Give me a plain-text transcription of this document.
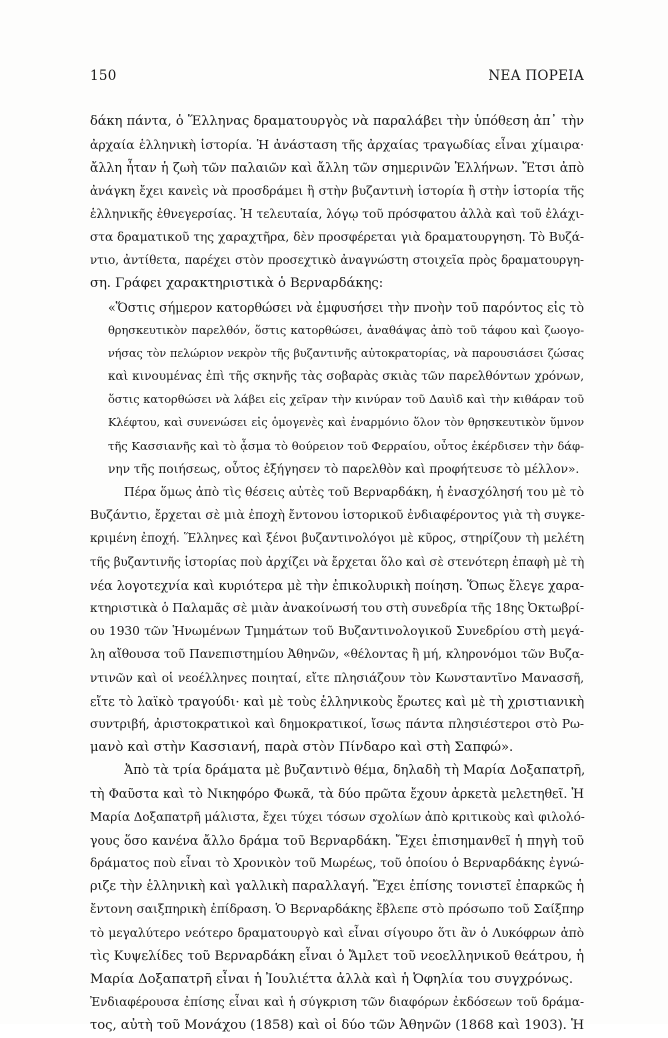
150	ΝΕΑ ΠΟΡΕΙΑ
δάκη πάντα, ὁ Ἕλληνας δραματουργὸς νὰ παραλάβει τὴν ὑπόθεση ἀπ᾽ τὴν
ἀρχαία ἑλληνικὴ ἱστορία. Ἡ ἀνάσταση τῆς ἀρχαίας τραγωδίας εἶναι χίμαιρα·
ἄλλη ἦταν ἡ ζωὴ τῶν παλαιῶν καὶ ἄλλη τῶν σημερινῶν Ἑλλήνων. Ἔτσι ἀπὸ
ἀνάγκη ἔχει κανεὶς νὰ προσδράμει ἢ στὴν βυζαντινὴ ἱστορία ἢ στὴν ἱστορία τῆς
ἑλληνικῆς ἐθνεγερσίας. Ἡ τελευταία, λόγῳ τοῦ πρόσφατου ἀλλὰ καὶ τοῦ ἐλάχι-
στα δραματικοῦ της χαραχτῆρα, δὲν προσφέρεται γιὰ δραματουργηση. Τὸ Βυζά-
ντιο, ἀντίθετα, παρέχει στὸν προσεχτικὸ ἀναγνώστη στοιχεῖα πρὸς δραματουργη-
ση. Γράφει χαρακτηριστικὰ ὁ Βερναρδάκης:
«Ὅστις σήμερον κατορθώσει νὰ ἐμφυσήσει τὴν πνοὴν τοῦ παρόντος εἰς τὸ
θρησκευτικὸν παρελθόν, ὅστις κατορθώσει, ἀναθάψας ἀπὸ τοῦ τάφου καὶ ζωογο-
νήσας τὸν πελώριον νεκρὸν τῆς βυζαντινῆς αὐτοκρατορίας, νὰ παρουσιάσει ζώσας
καὶ κινουμένας ἐπὶ τῆς σκηνῆς τὰς σοβαρὰς σκιὰς τῶν παρελθόντων χρόνων,
ὅστις κατορθώσει νὰ λάβει εἰς χεῖραν τὴν κινύραν τοῦ Δαυὶδ καὶ τὴν κιθάραν τοῦ
Κλέφτου, καὶ συνενώσει εἰς ὁμογενὲς καὶ ἐναρμόνιο ὅλον τὸν θρησκευτικὸν ὕμνον
τῆς Κασσιανῆς καὶ τὸ ᾆσμα τὸ θούρειον τοῦ Φερραίου, οὗτος ἐκέρδισεν τὴν δάφ-
νην τῆς ποιήσεως, οὗτος ἐξήγησεν τὸ παρελθὸν καὶ προφήτευσε τὸ μέλλον».
Πέρα ὅμως ἀπὸ τὶς θέσεις αὐτὲς τοῦ Βερναρδάκη, ἡ ἐνασχόλησή του μὲ τὸ
Βυζάντιο, ἔρχεται σὲ μιὰ ἐποχὴ ἔντονου ἱστορικοῦ ἐνδιαφέροντος γιὰ τὴ συγκε-
κριμένη ἐποχή. Ἕλληνες καὶ ξένοι βυζαντινολόγοι μὲ κῦρος, στηρίζουν τὴ μελέτη
τῆς βυζαντινῆς ἱστορίας ποὺ ἀρχίζει νὰ ἔρχεται ὅλο καὶ σὲ στενότερη ἐπαφὴ μὲ τὴ
νέα λογοτεχνία καὶ κυριότερα μὲ τὴν ἐπικολυρικὴ ποίηση. Ὅπως ἔλεγε χαρα-
κτηριστικὰ ὁ Παλαμᾶς σὲ μιὰν ἀνακοίνωσή του στὴ συνεδρία τῆς 18ης Ὀκτωβρί-
ου 1930 τῶν Ἡνωμένων Τμημάτων τοῦ Βυζαντινολογικοῦ Συνεδρίου στὴ μεγά-
λη αἴθουσα τοῦ Πανεπιστημίου Ἀθηνῶν, «θέλοντας ἢ μή, κληρονόμοι τῶν Βυζα-
ντινῶν καὶ οἱ νεοέλληνες ποιηταί, εἴτε πλησιάζουν τὸν Κωνσταντῖνο Μανασσῆ,
εἴτε τὸ λαϊκὸ τραγούδι· καὶ μὲ τοὺς ἑλληνικοὺς ἔρωτες καὶ μὲ τὴ χριστιανικὴ
συντριβή, ἀριστοκρατικοὶ καὶ δημοκρατικοί, ἴσως πάντα πλησιέστεροι στὸ Ρω-
μανὸ καὶ στὴν Κασσιανή, παρὰ στὸν Πίνδαρο καὶ στὴ Σαπφώ».
Ἀπὸ τὰ τρία δράματα μὲ βυζαντινὸ θέμα, δηλαδὴ τὴ Μαρία Δοξαπατρῆ,
τὴ Φαῦστα καὶ τὸ Νικηφόρο Φωκᾶ, τὰ δύο πρῶτα ἔχουν ἀρκετὰ μελετηθεῖ. Ἡ
Μαρία Δοξαπατρῆ μάλιστα, ἔχει τύχει τόσων σχολίων ἀπὸ κριτικοὺς καὶ φιλολό-
γους ὅσο κανένα ἄλλο δράμα τοῦ Βερναρδάκη. Ἔχει ἐπισημανθεῖ ἡ πηγὴ τοῦ
δράματος ποὺ εἶναι τὸ Χρονικὸν τοῦ Μωρέως, τοῦ ὁποίου ὁ Βερναρδάκης ἐγνώ-
ριζε τὴν ἑλληνικὴ καὶ γαλλικὴ παραλλαγή. Ἔχει ἐπίσης τονιστεῖ ἐπαρκῶς ἡ
ἔντονη σαιξπηρικὴ ἐπίδραση. Ὁ Βερναρδάκης ἔβλεπε στὸ πρόσωπο τοῦ Σαίξπηρ
τὸ μεγαλύτερο νεότερο δραματουργὸ καὶ εἶναι σίγουρο ὅτι ἂν ὁ Λυκόφρων ἀπὸ
τὶς Κυψελίδες τοῦ Βερναρδάκη εἶναι ὁ Ἄμλετ τοῦ νεοελληνικοῦ θεάτρου, ἡ
Μαρία Δοξαπατρῆ εἶναι ἡ Ἰουλιέττα ἀλλὰ καὶ ἡ Ὀφηλία του συγχρόνως.
Ἐνδιαφέρουσα ἐπίσης εἶναι καὶ ἡ σύγκριση τῶν διαφόρων ἐκδόσεων τοῦ δράμα-
τος, αὐτὴ τοῦ Μονάχου (1858) καὶ οἱ δύο τῶν Ἀθηνῶν (1868 καὶ 1903). Ἡ
